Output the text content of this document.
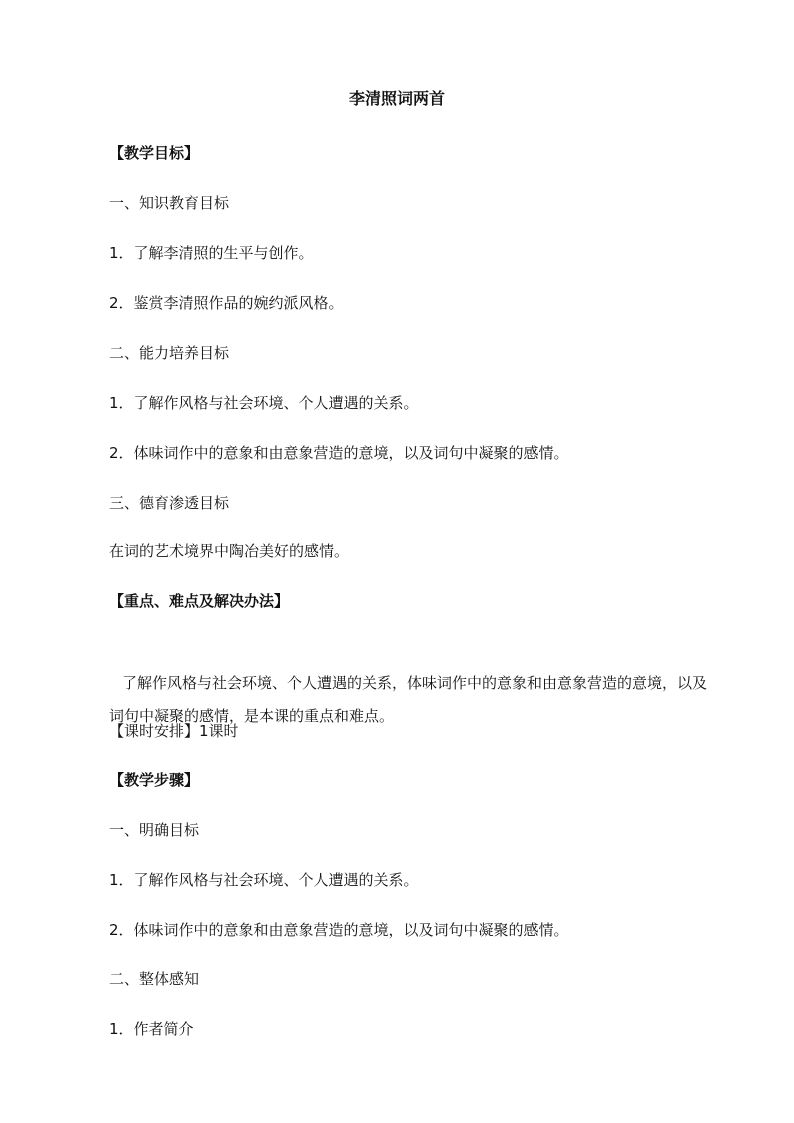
李清照词两首
【教学目标】
一、知识教育目标
1．了解李清照的生平与创作。
2．鉴赏李清照作品的婉约派风格。
二、能力培养目标
1．了解作风格与社会环境、个人遭遇的关系。
2．体味词作中的意象和由意象营造的意境，以及词句中凝聚的感情。
三、德育渗透目标
在词的艺术境界中陶冶美好的感情。
【重点、难点及解决办法】
了解作风格与社会环境、个人遭遇的关系，体味词作中的意象和由意象营造的意境，以及词句中凝聚的感情，是本课的重点和难点。
【课时安排】1课时
【教学步骤】
一、明确目标
1．了解作风格与社会环境、个人遭遇的关系。
2．体味词作中的意象和由意象营造的意境，以及词句中凝聚的感情。
二、整体感知
1．作者简介
